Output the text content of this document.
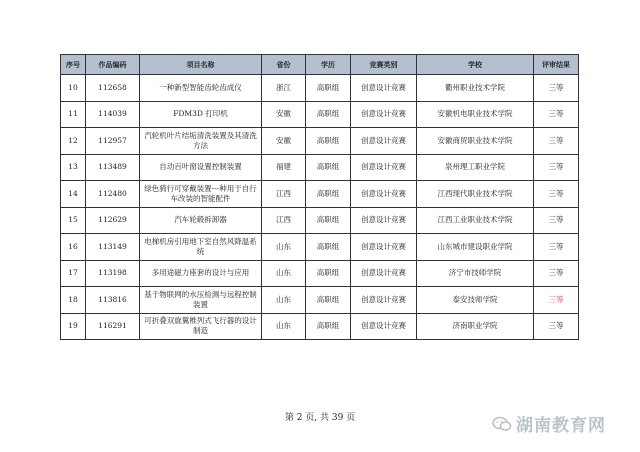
序号	作品编码	项目名称	省份	学历	竞赛类别	学校	评审结果
10	112658	一种新型智能齿轮齿成仪	浙江	高职组	创意设计竞赛	衢州职业技术学院	三等
11	114039	FDM3D 打印机	安徽	高职组	创意设计竞赛	安徽机电职业技术学院	三等
12	112957	汽轮机叶片结垢清洗装置及其清洗方法	安徽	高职组	创意设计竞赛	安徽商贸职业技术学院	三等
13	113489	自动百叶窗设置控制装置	福建	高职组	创意设计竞赛	泉州理工职业学院	三等
14	112480	绿色骑行可穿戴装置---种用于自行车改装的智能配件	江西	高职组	创意设计竞赛	江西现代职业技术学院	三等
15	112629	汽车轮毂拆卸器	江西	高职组	创意设计竞赛	江西工业职业技术学院	三等
16	113149	电梯机房引用地下室自然风降温系统	山东	高职组	创意设计竞赛	山东城市建设职业学院	三等
17	113198	多用途磁力座套的设计与应用	山东	高职组	创意设计竞赛	济宁市技师学院	三等
18	113816	基于物联网的水压检测与远程控制装置	山东	高职组	创意设计竞赛	泰安技师学院	三等
19	116291	可折叠双旋翼椎列式飞行器的设计制造	山东	高职组	创意设计竞赛	济南职业学院	三等
第 2 页, 共 39 页	湖南教育网
